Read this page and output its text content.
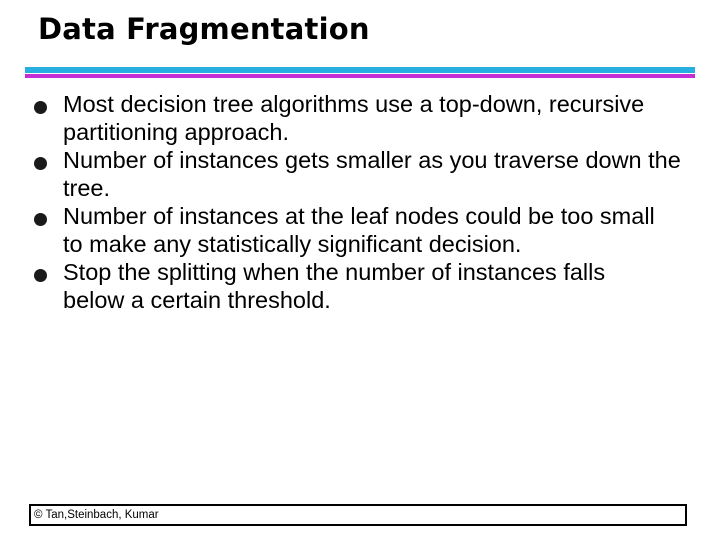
Data Fragmentation
Most decision tree algorithms use a top-down, recursive partitioning approach.
Number of instances gets smaller as you traverse down the tree.
Number of instances at the leaf nodes could be too small to make any statistically significant decision.
Stop the splitting when the number of instances falls below a certain threshold.
© Tan,Steinbach, Kumar
